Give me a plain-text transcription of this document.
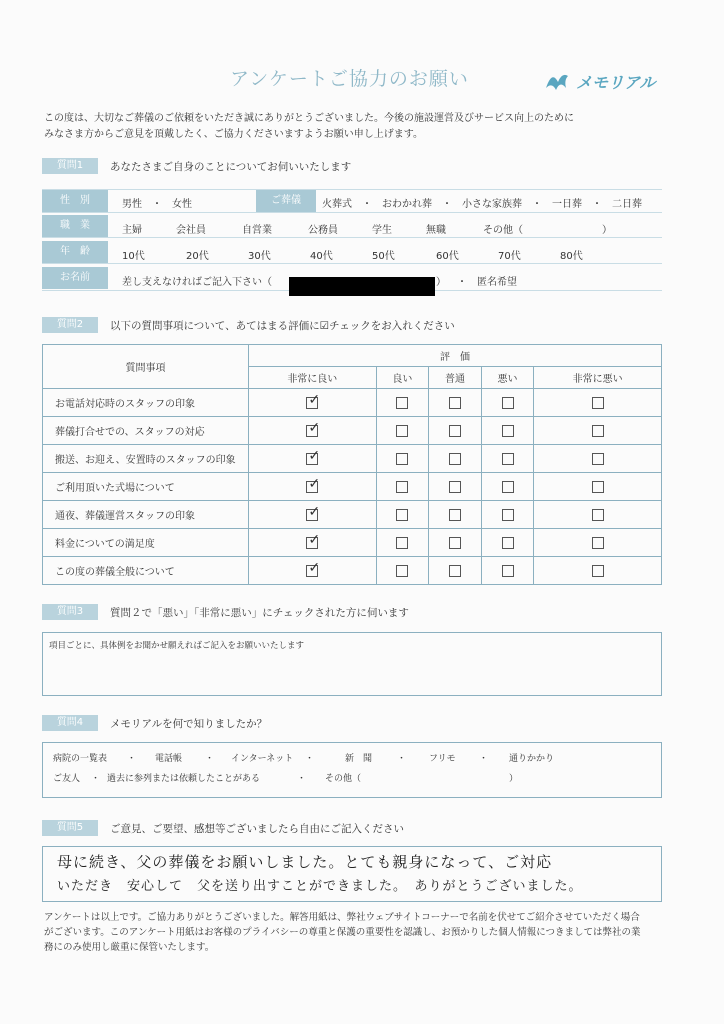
アンケートご協力のお願い	メモリアル
この度は、大切なご葬儀のご依頼をいただき誠にありがとうございました。今後の施設運営及びサービス向上のために
みなさま方からご意見を頂戴したく、ご協力くださいますようお願い申し上げます。
質問1	あなたさまご自身のことについてお伺いいたします
性　別	男性　・　女性	ご葬儀	火葬式　・　おわかれ葬　・　小さな家族葬　・　一日葬　・　二日葬
職　業	主婦	会社員	自営業	公務員	学生	無職	その他（	）
年　齢	10代	20代	30代	40代	50代	60代	70代	80代
お名前	差し支えなければご記入下さい（	） ・　匿名希望
質問2	以下の質問事項について、あてはまる評価に☑チェックをお入れください
質問事項	評　価				
	非常に良い	良い	普通	悪い	非常に悪い
お電話対応時のスタッフの印象	✓				

葬儀打合せでの、スタッフの対応	✓				

搬送、お迎え、安置時のスタッフの印象	✓				

ご利用頂いた式場について	✓				

通夜、葬儀運営スタッフの印象	✓				

料金についての満足度	✓				

この度の葬儀全般について	✓				

質問3	質問２で「悪い」「非常に悪い」にチェックされた方に伺います
項目ごとに、具体例をお聞かせ願えればご記入をお願いいたします
質問4	メモリアルを何で知りましたか？
病院の一覧表 ・ 電話帳	・ インターネット ・	新　聞	・	フリモ	・ 通りかかり
ご友人 ・ 過去に参列または依頼したことがある	・ その他（	）
質問5	ご意見、ご要望、感想等ございましたら自由にご記入ください
母に続き、父の葬儀をお願いしました。とても親身になって、ご対応
いただき　安心して　父を送り出すことができました。　ありがとうございました。
アンケートは以上です。ご協力ありがとうございました。解答用紙は、弊社ウェブサイトコーナーで名前を伏せてご紹介させていただく場合
がございます。このアンケート用紙はお客様のプライバシーの尊重と保護の重要性を認識し、お預かりした個人情報につきましては弊社の業
務にのみ使用し厳重に保管いたします。
